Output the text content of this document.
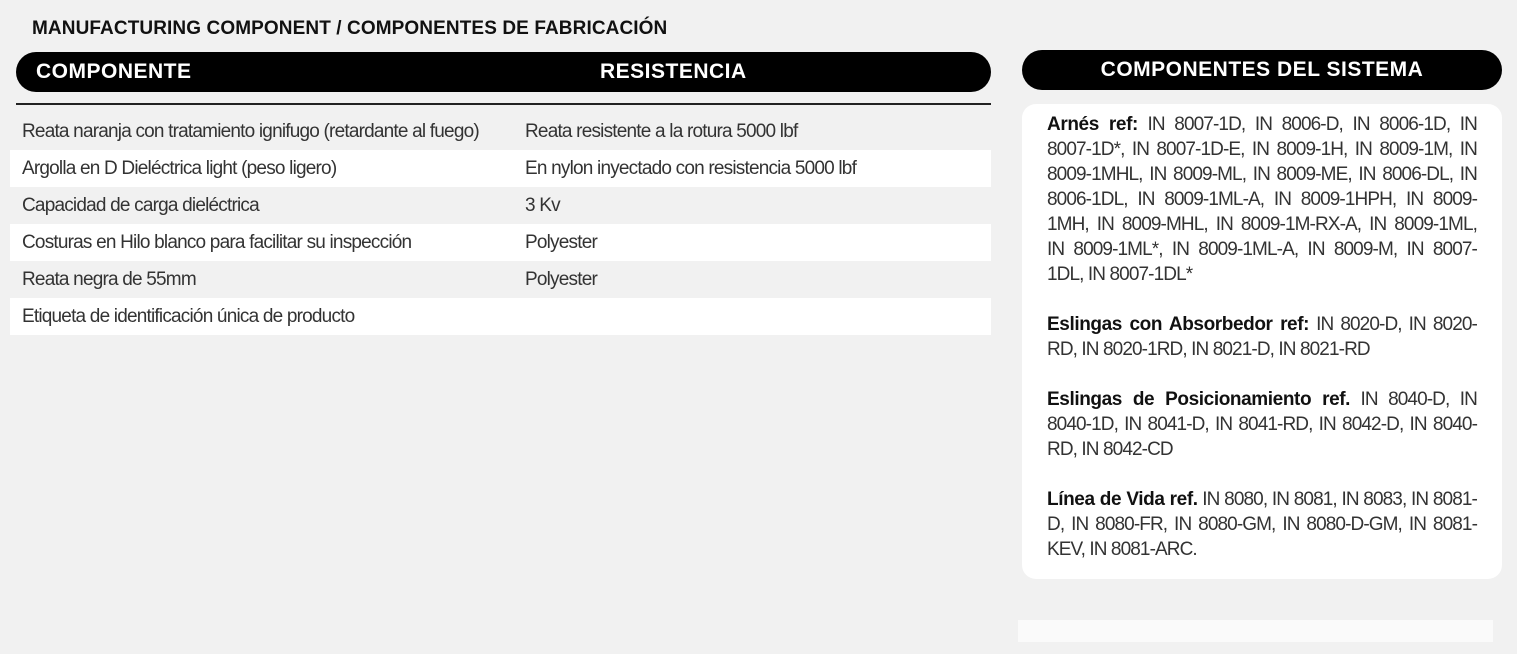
MANUFACTURING COMPONENT / COMPONENTES DE FABRICACIÓN
COMPONENTE	RESISTENCIA
Reata naranja con tratamiento ignifugo (retardante al fuego)	Reata resistente a la rotura 5000 lbf
Argolla en D Dieléctrica light (peso ligero)	En nylon inyectado con resistencia 5000 lbf
Capacidad de carga dieléctrica	3 Kv
Costuras en Hilo blanco para facilitar su inspección	Polyester
Reata negra de 55mm	Polyester
Etiqueta de identificación única de producto
COMPONENTES DEL SISTEMA

Arnés ref: IN 8007-1D, IN 8006-D, IN 8006-1D, IN 8007-1D*, IN 8007-1D-E, IN 8009-1H, IN 8009-1M, IN 8009-1MHL, IN 8009-ML, IN 8009-ME, IN 8006-DL, IN 8006-1DL, IN 8009-1ML-A, IN 8009-1HPH, IN 8009-1MH, IN 8009-MHL, IN 8009-1M-RX-A, IN 8009-1ML, IN 8009-1ML*, IN 8009-1ML-A, IN 8009-M, IN 8007-1DL, IN 8007-1DL*

Eslingas con Absorbedor ref: IN 8020-D, IN 8020-RD, IN 8020-1RD, IN 8021-D, IN 8021-RD

Eslingas de Posicionamiento ref. IN 8040-D, IN 8040-1D, IN 8041-D, IN 8041-RD, IN 8042-D, IN 8040-RD, IN 8042-CD

Línea de Vida ref. IN 8080, IN 8081, IN 8083, IN 8081-D, IN 8080-FR, IN 8080-GM, IN 8080-D-GM, IN 8081-KEV, IN 8081-ARC.
